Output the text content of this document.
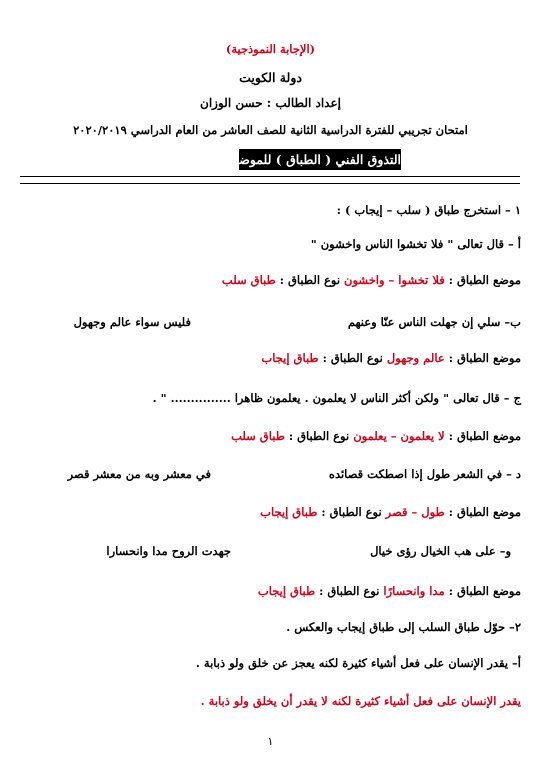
(الإجابة النموذجية)
دولة الكويت
إعداد الطالب : حسن الوزان
امتحان تجريبي للفترة الدراسية الثانية للصف العاشر من العام الدراسي ٢٠٢٠/٢٠١٩
التذوق الفني ( الطباق ) للموضوع الأول
١ – استخرج طباق ( سلب – إيجاب ) :
أ – قال تعالى " فلا تخشوا الناس واخشون "
موضع الطباق : فلا تخشوا – واخشون نوع الطباق : طباق سلب
ب– سلي إن جهلت الناس عنّا وعنهم
فليس سواء عالم وجهول
موضع الطباق : عالم وجهول نوع الطباق : طباق إيجاب
ج – قال تعالى " ولكن أكثر الناس لا يعلمون . يعلمون ظاهرا ............... " .
موضع الطباق : لا يعلمون – يعلمون نوع الطباق : طباق سلب
د – في الشعر طول إذا اصطكت قصائده
في معشر وبه من معشر قصر
موضع الطباق : طول – قصر نوع الطباق : طباق إيجاب
و– على هب الخيال رؤى خيال
جهدت الروح مدا وانحسارا
موضع الطباق : مدا وانحسارًا نوع الطباق : طباق إيجاب
٢– حوّل طباق السلب إلى طباق إيجاب والعكس .
أ– يقدر الإنسان على فعل أشياء كثيرة لكنه يعجز عن خلق ولو ذبابة .
يقدر الإنسان على فعل أشياء كثيرة لكنه لا يقدر أن يخلق ولو ذبابة .
١
